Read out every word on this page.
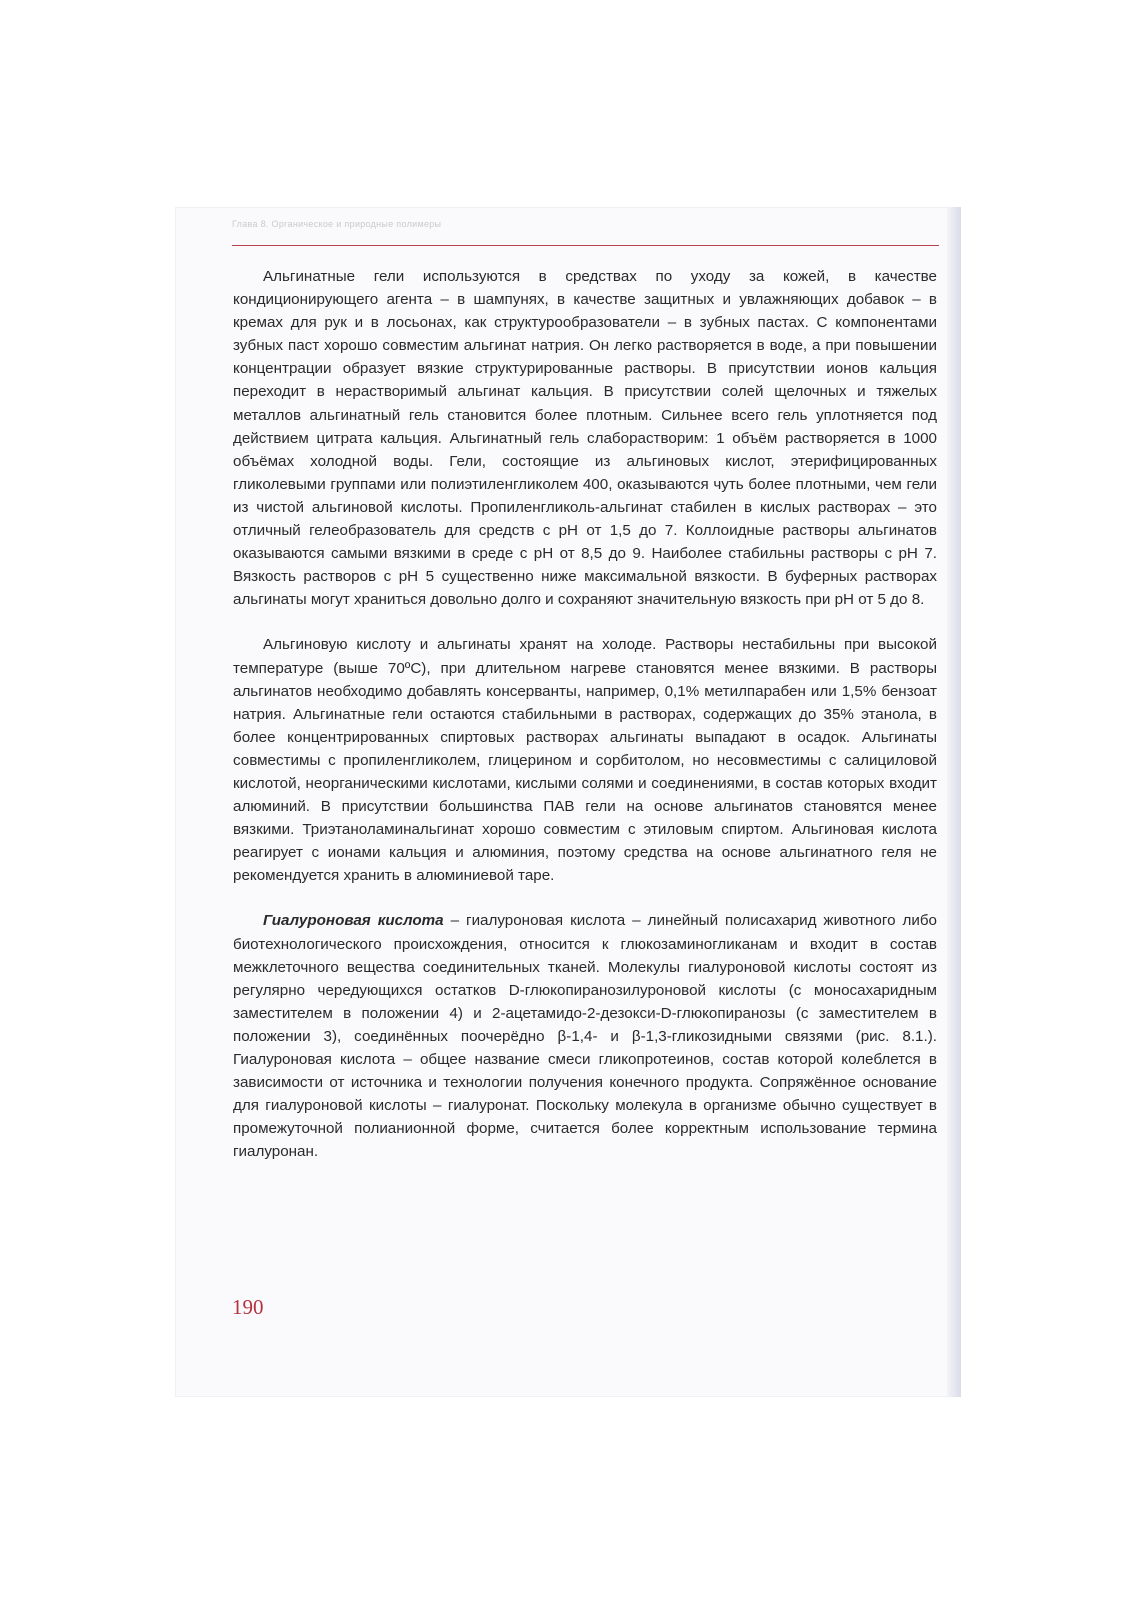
Глава 8. Органическое и природные полимеры

Альгинатные гели используются в средствах по уходу за кожей, в качестве кондиционирующего агента – в шампунях, в качестве защитных и увлажняющих добавок – в кремах для рук и в лосьонах, как структурообразователи – в зубных пастах. С компонентами зубных паст хорошо совместим альгинат натрия. Он легко растворяется в воде, а при повышении концентрации образует вязкие структурированные растворы. В присутствии ионов кальция переходит в нерастворимый альгинат кальция. В присутствии солей щелочных и тяжелых металлов альгинатный гель становится более плотным. Сильнее всего гель уплотняется под действием цитрата кальция. Альгинатный гель слаборастворим: 1 объём растворяется в 1000 объёмах холодной воды. Гели, состоящие из альгиновых кислот, этерифицированных гликолевыми группами или полиэтиленгликолем 400, оказываются чуть более плотными, чем гели из чистой альгиновой кислоты. Пропиленгликоль-альгинат стабилен в кислых растворах – это отличный гелеобразователь для средств с pH от 1,5 до 7. Коллоидные растворы альгинатов оказываются самыми вязкими в среде с pH от 8,5 до 9. Наиболее стабильны растворы с pH 7. Вязкость растворов с pH 5 существенно ниже максимальной вязкости. В буферных растворах альгинаты могут храниться довольно долго и сохраняют значительную вязкость при pH от 5 до 8.

Альгиновую кислоту и альгинаты хранят на холоде. Растворы нестабильны при высокой температуре (выше 70ºС), при длительном нагреве становятся менее вязкими. В растворы альгинатов необходимо добавлять консерванты, например, 0,1% метилпарабен или 1,5% бензоат натрия. Альгинатные гели остаются стабильными в растворах, содержащих до 35% этанола, в более концентрированных спиртовых растворах альгинаты выпадают в осадок. Альгинаты совместимы с пропиленгликолем, глицерином и сорбитолом, но несовместимы с салициловой кислотой, неорганическими кислотами, кислыми солями и соединениями, в состав которых входит алюминий. В присутствии большинства ПАВ гели на основе альгинатов становятся менее вязкими. Триэтаноламинальгинат хорошо совместим с этиловым спиртом. Альгиновая кислота реагирует с ионами кальция и алюминия, поэтому средства на основе альгинатного геля не рекомендуется хранить в алюминиевой таре.

Гиалуроновая кислота – гиалуроновая кислота – линейный полисахарид животного либо биотехнологического происхождения, относится к глюкозаминогликанам и входит в состав межклеточного вещества соединительных тканей. Молекулы гиалуроновой кислоты состоят из регулярно чередующихся остатков D-глюкопиранозилуроновой кислоты (с моносахаридным заместителем в положении 4) и 2-ацетамидо-2-дезокси-D-глюкопиранозы (с заместителем в положении 3), соединённых поочерёдно β-1,4- и β-1,3-гликозидными связями (рис. 8.1.). Гиалуроновая кислота – общее название смеси гликопротеинов, состав которой колеблется в зависимости от источника и технологии получения конечного продукта. Сопряжённое основание для гиалуроновой кислоты – гиалуронат. Поскольку молекула в организме обычно существует в промежуточной полианионной форме, считается более корректным использование термина гиалуронан.

190
